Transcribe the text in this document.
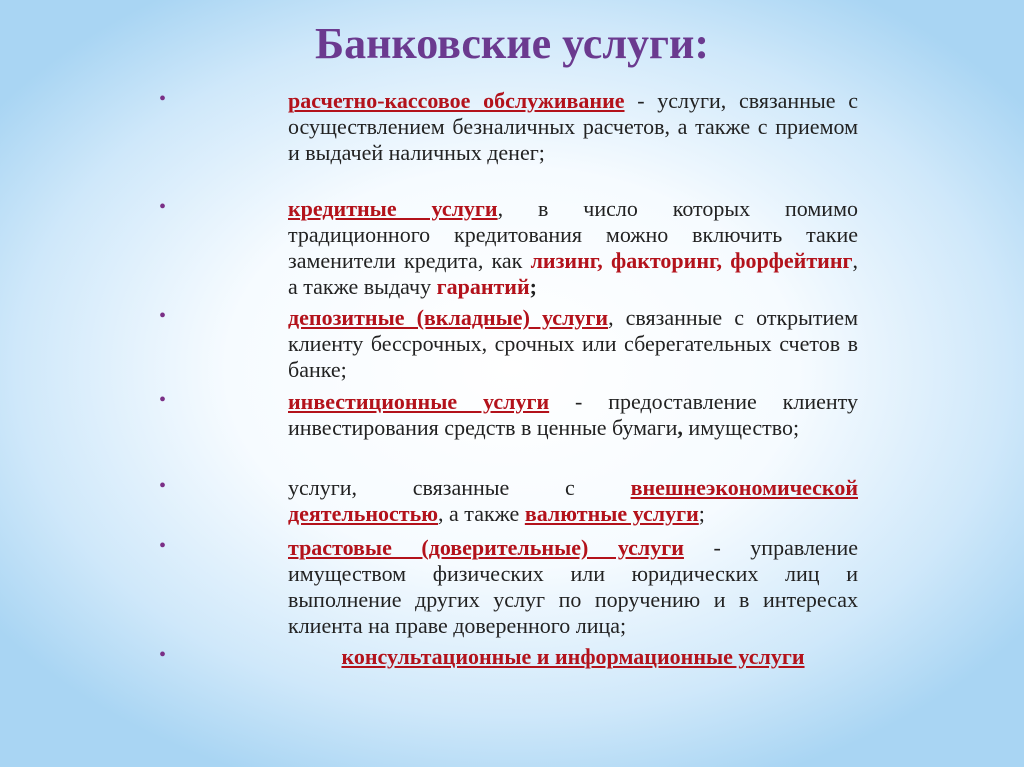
Банковские услуги:
•	расчетно-кассовое обслуживание - услуги, связанные с осуществлением безналичных расчетов, а также с приемом и выдачей наличных денег;
•	кредитные услуги, в число которых помимо традиционного кредитования можно включить такие заменители кредита, как лизинг, факторинг, форфейтинг, а также выдачу гарантий;
•	депозитные (вкладные) услуги, связанные с открытием клиенту бессрочных, срочных или сберегательных счетов в банке;
•	инвестиционные услуги - предоставление клиенту инвестирования средств в ценные бумаги, имущество;
•	услуги, связанные с внешнеэкономической деятельностью, а также валютные услуги;
•	трастовые (доверительные) услуги - управление имуществом физических или юридических лиц и выполнение других услуг по поручению и в интересах клиента на праве доверенного лица;
•	консультационные и информационные услуги
